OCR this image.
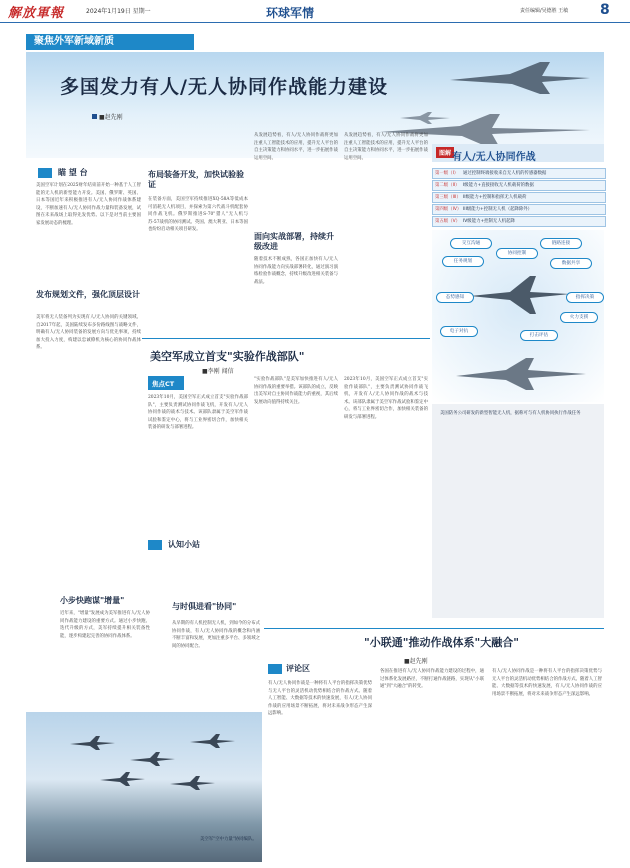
解放軍報	2024年1月19日 星期一	环球军情	责任编辑/吴德胜 王敏 8
聚焦外军新域新质
多国发力有人/无人协同作战能力建设
■赵先刚
瞄 望 台
美国空军计划在2025财年结束前开始一种基于人工智能的无人机的新型能力开发。美国、俄罗斯、英国、日本等国近年来积极推进有人/无人协同作战体系建设，不断加速有人/无人协同作战力量和装备发展，试图在未来战场上取得先发优势。以下是对当前主要国家发展动态的梳理。
发布规划文件，强化顶层设计
美军将无人装备列为实现有人/无人协同的关键领域。自2017年起，美国陆续发布多份路线图与战略文件，明确有人/无人协同装备的发展方向与优先事项，持续加大投入力度，构建以忠诚僚机为核心的协同作战体系。
布局装备开发，加快试验验证
在装备方面，美国空军持续推进XQ-58A等低成本可消耗无人机项目，并探索为第六代战斗机配套协同作战飞机。俄罗斯推进S-70"猎人"无人机与苏-57战机的协同测试。英国、澳大利亚、日本等国也纷纷启动相关项目研发。
从发展趋势看，有人/无人协同作战将更加注重人工智能技术的应用，提升无人平台的自主决策能力和协同水平，进一步拓展作战运用空间。
面向实战部署，持续升级改进
随着技术不断成熟，各国正加快有人/无人协同作战能力向实战部署转化，通过演习演练检验作战概念，持续升级改进相关装备与战法。
从发展趋势看，有人/无人协同作战将更加注重人工智能技术的应用，提升无人平台的自主决策能力和协同水平，进一步拓展作战运用空间。
图解 有人/无人协同作战
第一级（I） 通过控制终端接收来自无人机的传感器数据
第二级（II） I级能力+直接接收无人机载荷的数据
第三级（III） II级能力+控制和指挥无人机载荷
第四级（IV） III级能力+控制无人机（起降除外）
第五级（V） IV级能力+控制无人机起降
交互沟通	链路连接
任务规划
协同控制
数据共享
态势感知	指挥决策
电子对抗
打击评估
火力支援
美国防务公司研发的新型智能无人机，据称可与有人机协同执行作战任务
美空军成立首支"实验作战部队"
■李刚 闻信
焦点CT
2023年10月，美国空军正式成立首支"实验作战部队"，主要负责测试协同作战飞机，开发有人/无人协同作战的战术与技术。该部队隶属于美空军作战试验和鉴定中心，将与工业界密切合作，加快相关装备的研发与部署进程。
"实验作战部队"是美军加快推进有人/无人协同作战的重要举措。该部队的成立，反映出美军对自主协同作战能力的重视，其后续发展动向值得持续关注。
2023年10月，美国空军正式成立首支"实验作战部队"，主要负责测试协同作战飞机，开发有人/无人协同作战的战术与技术。该部队隶属于美空军作战试验和鉴定中心，将与工业界密切合作，加快相关装备的研发与部署进程。
认知小站
小步快跑谋"增量"
近年来，"增量"发展成为美军推进有人/无人协同作战能力建设的重要方式。通过小步快跑、迭代升级的方式，美军持续提升相关装备性能，逐步构建起完善的协同作战体系。
与时俱进看"协同"
从早期的有人机控制无人机，到如今的分布式协同作战，有人/无人协同作战的概念和内涵不断丰富和发展，更加注重多平台、多领域之间的协同配合。	"小联通"推动作战体系"大融合"
■赵先刚
评论区
有人/无人协同作战是一种将有人平台的指挥决策优势与无人平台的灵活机动优势相结合的作战方式。随着人工智能、大数据等技术的快速发展，有人/无人协同作战的应用场景不断拓展，将对未来战争形态产生深远影响。
各国在推进有人/无人协同作战能力建设的过程中，通过体系化发展路径，不断打通作战链路，实现从"小联通"到"大融合"的转变。
有人/无人协同作战是一种将有人平台的指挥决策优势与无人平台的灵活机动优势相结合的作战方式。随着人工智能、大数据等技术的快速发展，有人/无人协同作战的应用场景不断拓展，将对未来战争形态产生深远影响。
美空军"空中力量"协同编队。
